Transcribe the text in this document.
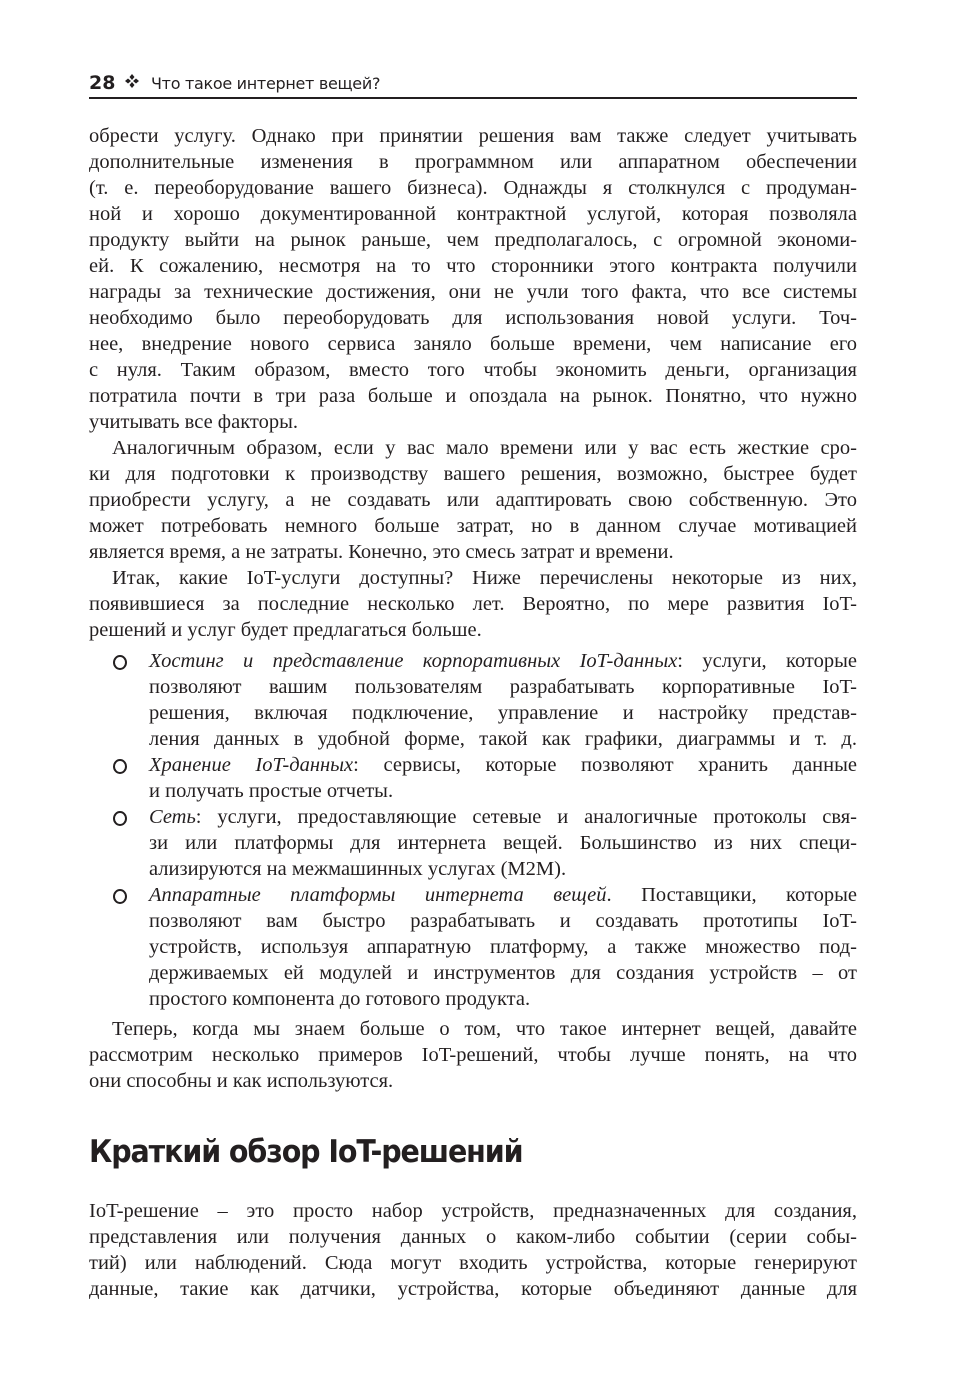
28 Что такое интернет вещей?
обрести услугу. Однако при принятии решения вам также следует учитывать
дополнительные изменения в программном или аппаратном обеспечении
(т. е. переоборудование вашего бизнеса). Однажды я столкнулся с продуман-
ной и хорошо документированной контрактной услугой, которая позволяла
продукту выйти на рынок раньше, чем предполагалось, с огромной экономи-
ей. К сожалению, несмотря на то что сторонники этого контракта получили
награды за технические достижения, они не учли того факта, что все системы
необходимо было переоборудовать для использования новой услуги. Точ-
нее, внедрение нового сервиса заняло больше времени, чем написание его
с нуля. Таким образом, вместо того чтобы экономить деньги, организация
потратила почти в три раза больше и опоздала на рынок. Понятно, что нужно
учитывать все факторы.
Аналогичным образом, если у вас мало времени или у вас есть жесткие сро-
ки для подготовки к производству вашего решения, возможно, быстрее будет
приобрести услугу, а не создавать или адаптировать свою собственную. Это
может потребовать немного больше затрат, но в данном случае мотивацией
является время, а не затраты. Конечно, это смесь затрат и времени.
Итак, какие IoT-услуги доступны? Ниже перечислены некоторые из них,
появившиеся за последние несколько лет. Вероятно, по мере развития IoT-
решений и услуг будет предлагаться больше.
Хостинг и представление корпоративных IoT-данных: услуги, которые
позволяют вашим пользователям разрабатывать корпоративные IoT-
решения, включая подключение, управление и настройку представ-
ления данных в удобной форме, такой как графики, диаграммы и т. д.
Хранение IoT-данных: сервисы, которые позволяют хранить данные
и получать простые отчеты.
Сеть: услуги, предоставляющие сетевые и аналогичные протоколы свя-
зи или платформы для интернета вещей. Большинство из них специ-
ализируются на межмашинных услугах (M2M).
Аппаратные платформы интернета вещей. Поставщики, которые
позволяют вам быстро разрабатывать и создавать прототипы IoT-
устройств, используя аппаратную платформу, а также множество под-
держиваемых ей модулей и инструментов для создания устройств – от
простого компонента до готового продукта.
Теперь, когда мы знаем больше о том, что такое интернет вещей, давайте
рассмотрим несколько примеров IoT-решений, чтобы лучше понять, на что
они способны и как используются.
Краткий обзор IoT-решений
IoT-решение – это просто набор устройств, предназначенных для создания,
представления или получения данных о каком-либо событии (серии собы-
тий) или наблюдений. Сюда могут входить устройства, которые генерируют
данные, такие как датчики, устройства, которые объединяют данные для
